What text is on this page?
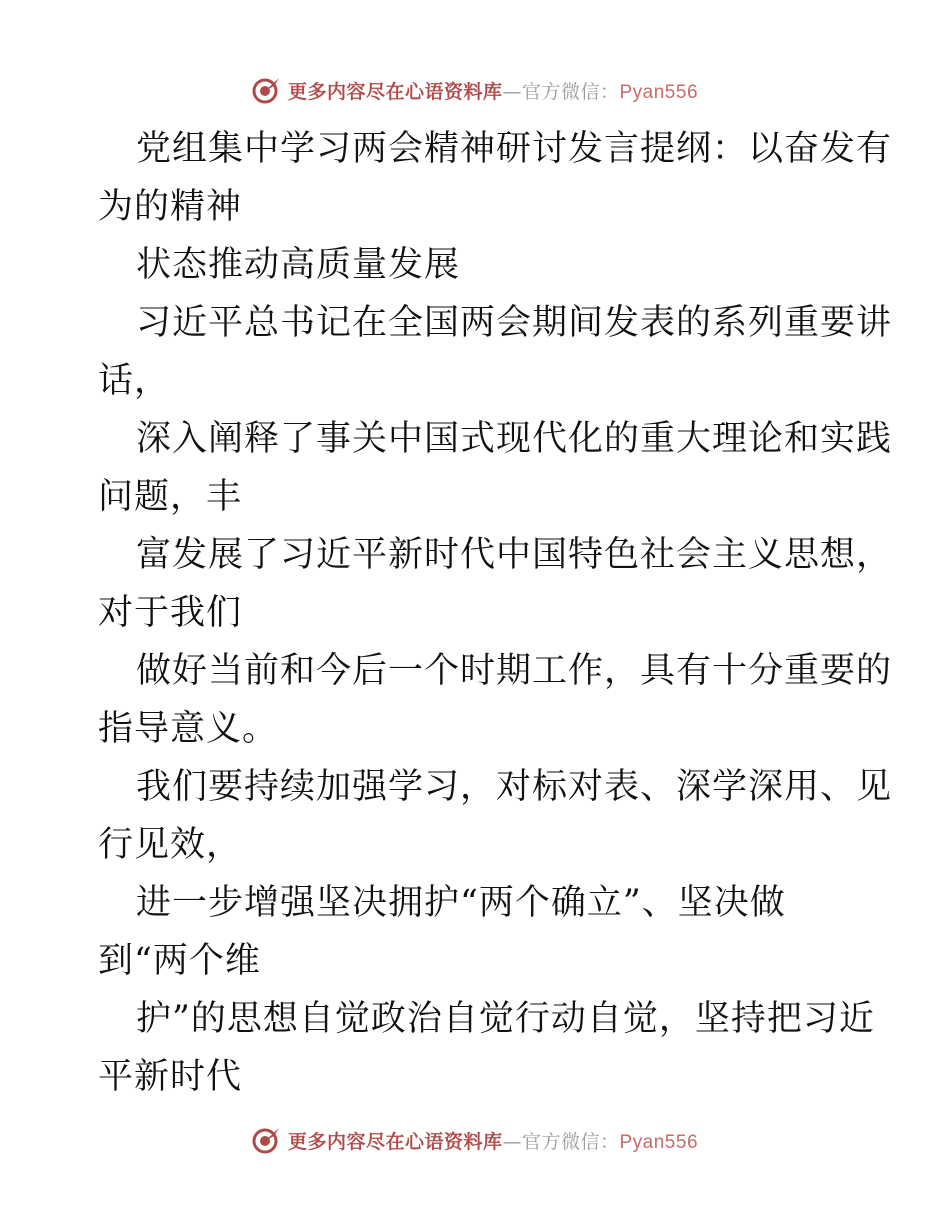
更多内容尽在心语资料库 — 官方微信： Pyan556
党组集中学习两会精神研讨发言提纲：以奋发有
为的精神
状态推动高质量发展
习近平总书记在全国两会期间发表的系列重要讲
话，
深入阐释了事关中国式现代化的重大理论和实践
问题，丰
富发展了习近平新时代中国特色社会主义思想，
对于我们
做好当前和今后一个时期工作，具有十分重要的
指导意义。
我们要持续加强学习，对标对表、深学深用、见
行见效，
进一步增强坚决拥护“两个确立”、坚决做
到“两个维
护”的思想自觉政治自觉行动自觉，坚持把习近
平新时代
更多内容尽在心语资料库 — 官方微信： Pyan556
